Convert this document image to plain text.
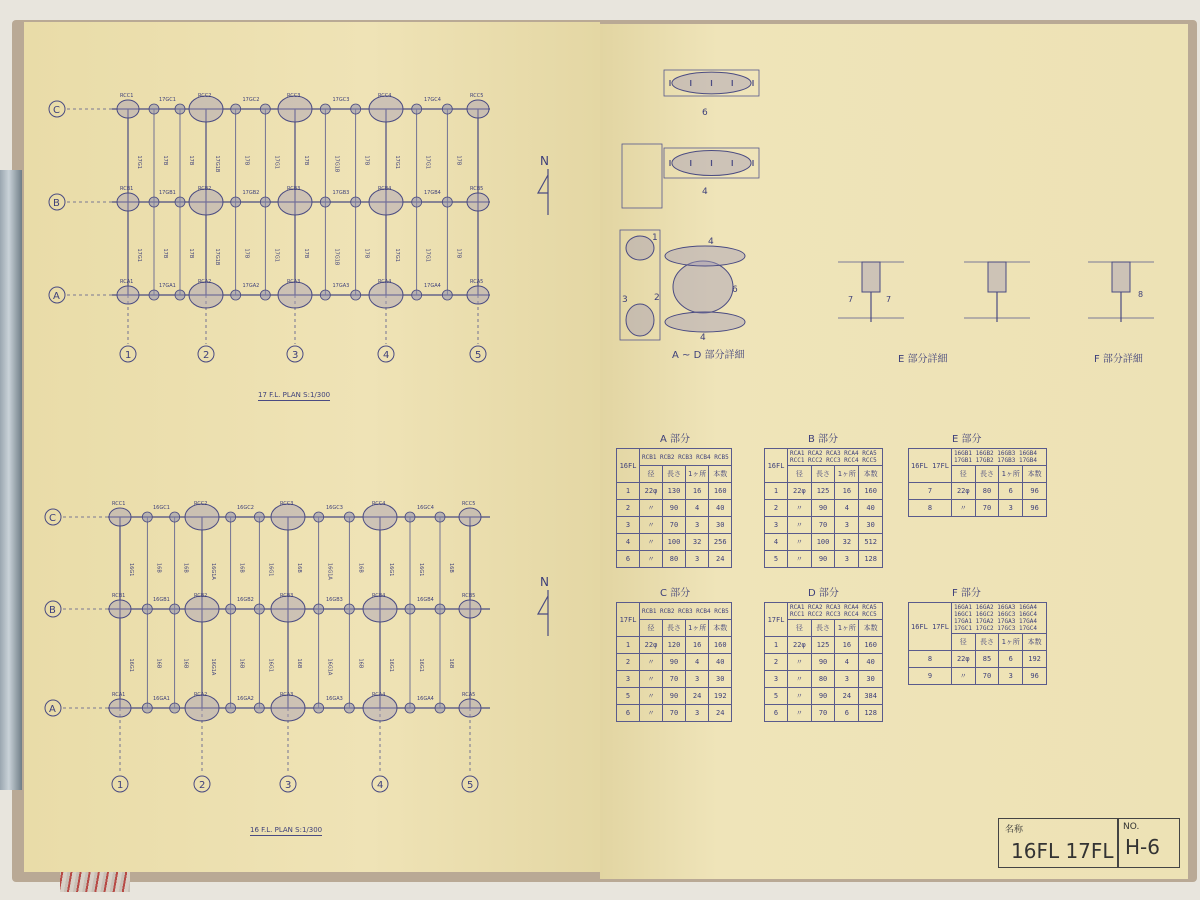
C
B
A
1	2	3	4	5
RCC1
17GC1
RCC2
17GC2
RCC3
17GC3
RCC4
17GC4
RCC5
RCB1
17GB1
RCB2
17GB2
RCB3
17GB3
RCB4
17GB4
RCB5
RCA1
17GA1
RCA2
17GA2
RCA3
17GA3
RCA4
17GA4
RCA5
17G1
17G1
17B
17B
17B
17B
17G1B
17G1B
17B
17B
17G1
17G1
17B
17B
17G1B
17G1B
17B
17B
17G1
17G1
17G1
17G1
17B
17B
N
C
B
A
1	2	3	4	5
RCC1
16GC1
RCC2
16GC2
RCC3
16GC3
RCC4
16GC4
RCC5
RCB1
16GB1
RCB2
16GB2
RCB3
16GB3
RCB4
16GB4
RCB5
RCA1
16GA1
RCA2
16GA2
RCA3
16GA3
RCA4
16GA4
RCA5
16G1
16G1
16B
16B
16B
16B
16G1A
16G1A
16B
16B
16G1
16G1
16B
16B
16G1A
16G1A
16B
16B
16G1
16G1
16G1
16G1
16B
16B
N
6
4
4
6
3	2
1
4
7	7
8
17 F.L. PLAN S:1/300
16 F.L. PLAN S:1/300
A ~ D 部分詳細	E 部分詳細	F 部分詳細
A 部分
16FL	RCB1 RCB2 RCB3 RCB4 RCB5			
	径	長さ	1ヶ所	本数
1	22φ	130	16	160
2	〃	90	4	40
3	〃	70	3	30
4	〃	100	32	256
6	〃	80	3	24
B 部分
16FL	RCA1 RCA2 RCA3 RCA4 RCA5 RCC1 RCC2 RCC3 RCC4 RCC5			
	径	長さ	1ヶ所	本数
1	22φ	125	16	160
2	〃	90	4	40
3	〃	70	3	30
4	〃	100	32	512
5	〃	90	3	128
E 部分
16FL 17FL	16GB1 16GB2 16GB3 16GB4 17GB1 17GB2 17GB3 17GB4			
	径	長さ	1ヶ所	本数
7	22φ	80	6	96
8	〃	70	3	96
C 部分
17FL	RCB1 RCB2 RCB3 RCB4 RCB5			
	径	長さ	1ヶ所	本数
1	22φ	120	16	160
2	〃	90	4	40
3	〃	70	3	30
5	〃	90	24	192
6	〃	70	3	24
D 部分
17FL	RCA1 RCA2 RCA3 RCA4 RCA5 RCC1 RCC2 RCC3 RCC4 RCC5			
	径	長さ	1ヶ所	本数
1	22φ	125	16	160
2	〃	90	4	40
3	〃	80	3	30
5	〃	90	24	384
6	〃	70	6	128
F 部分
16FL 17FL	16GA1 16GA2 16GA3 16GA4 16GC1 16GC2 16GC3 16GC4 17GA1 17GA2 17GA3 17GA4 17GC1 17GC2 17GC3 17GC4			
	径	長さ	1ヶ所	本数
8	22φ	85	6	192
9	〃	70	3	96
名称
16FL 17FL
NO.
H-6
